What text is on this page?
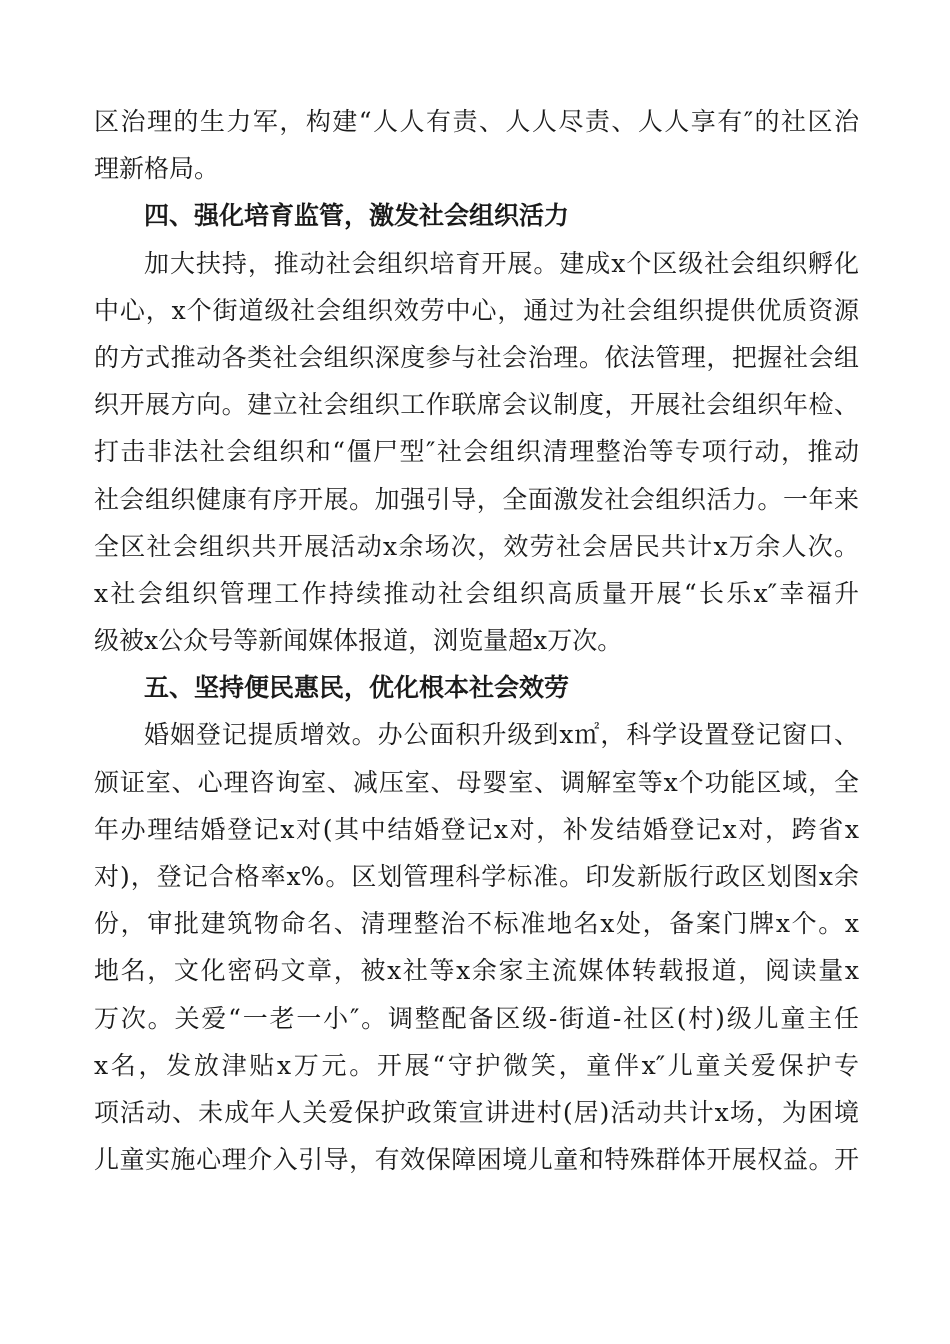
区治理的生力军，构建“人人有责、人人尽责、人人享有″的社区治
理新格局。
四、强化培育监管，激发社会组织活力
加大扶持，推动社会组织培育开展。建成x个区级社会组织孵化
中心，x个街道级社会组织效劳中心，通过为社会组织提供优质资源
的方式推动各类社会组织深度参与社会治理。依法管理，把握社会组
织开展方向。建立社会组织工作联席会议制度，开展社会组织年检、
打击非法社会组织和“僵尸型″社会组织清理整治等专项行动，推动
社会组织健康有序开展。加强引导，全面激发社会组织活力。一年来
全区社会组织共开展活动x余场次，效劳社会居民共计x万余人次。
x社会组织管理工作持续推动社会组织高质量开展“长乐x″幸福升
级被x公众号等新闻媒体报道，浏览量超x万次。
五、坚持便民惠民，优化根本社会效劳
婚姻登记提质增效。办公面积升级到x㎡，科学设置登记窗口、
颁证室、心理咨询室、减压室、母婴室、调解室等x个功能区域，全
年办理结婚登记x对(其中结婚登记x对，补发结婚登记x对，跨省x
对)，登记合格率x%。区划管理科学标准。印发新版行政区划图x余
份，审批建筑物命名、清理整治不标准地名x处，备案门牌x个。x
地名，文化密码文章，被x社等x余家主流媒体转载报道，阅读量x
万次。关爱“一老一小″。调整配备区级-街道-社区(村)级儿童主任
x名，发放津贴x万元。开展“守护微笑，童伴x″儿童关爱保护专
项活动、未成年人关爱保护政策宣讲进村(居)活动共计x场，为困境
儿童实施心理介入引导，有效保障困境儿童和特殊群体开展权益。开
